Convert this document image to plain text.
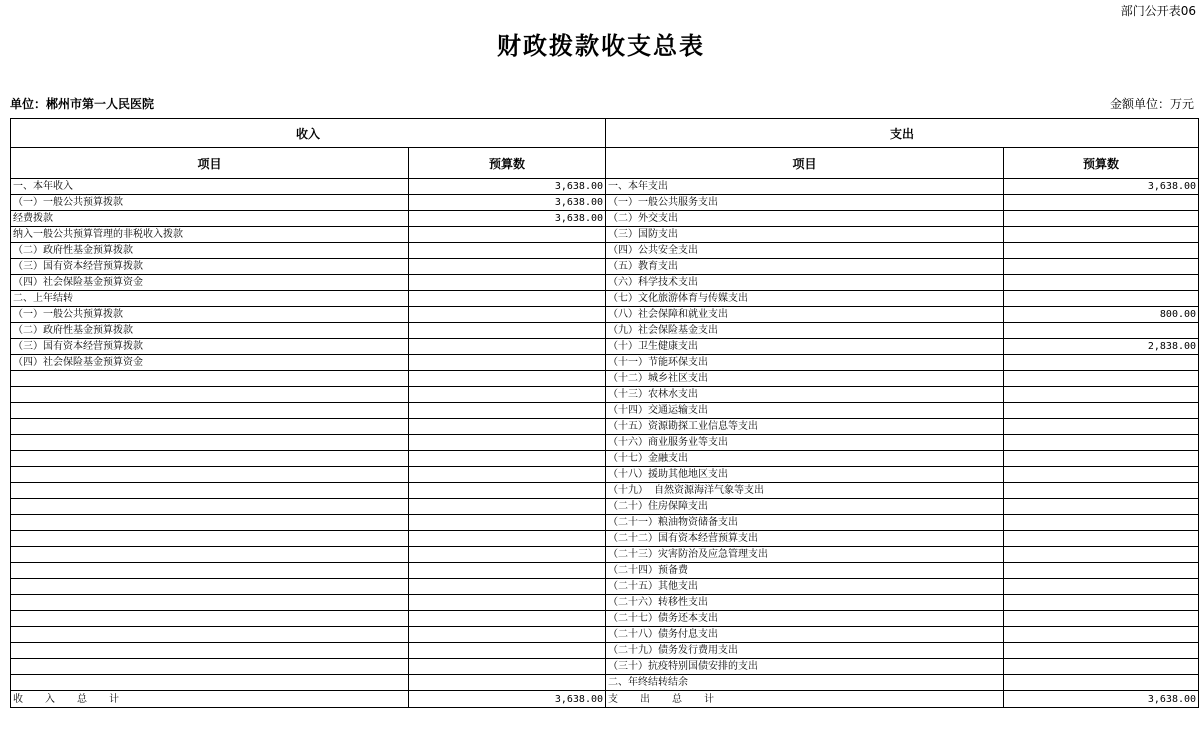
部门公开表06
财政拨款收支总表
单位：郴州市第一人民医院	金额单位：万元
收入		支出	
项目	预算数	项目	预算数
一、本年收入	3,638.00	一、本年支出	3,638.00
（一）一般公共预算拨款	3,638.00	（一）一般公共服务支出	
经费拨款	3,638.00	（二）外交支出	
纳入一般公共预算管理的非税收入拨款		（三）国防支出	
（二）政府性基金预算拨款		（四）公共安全支出	
（三）国有资本经营预算拨款		（五）教育支出	
（四）社会保险基金预算资金		（六）科学技术支出	
二、上年结转		（七）文化旅游体育与传媒支出	
（一）一般公共预算拨款		（八）社会保障和就业支出	800.00
（二）政府性基金预算拨款		（九）社会保险基金支出	
（三）国有资本经营预算拨款		（十）卫生健康支出	2,838.00
（四）社会保险基金预算资金		（十一）节能环保支出	
		（十二）城乡社区支出	
		（十三）农林水支出	
		（十四）交通运输支出	
		（十五）资源勘探工业信息等支出	
		（十六）商业服务业等支出	
		（十七）金融支出	
		（十八）援助其他地区支出	
		（十九） 自然资源海洋气象等支出	
		（二十）住房保障支出	
		（二十一）粮油物资储备支出	
		（二十二）国有资本经营预算支出	
		（二十三）灾害防治及应急管理支出	
		（二十四）预备费	
		（二十五）其他支出	
		（二十六）转移性支出	
		（二十七）债务还本支出	
		（二十八）债务付息支出	
		（二十九）债务发行费用支出	
		（三十）抗疫特别国债安排的支出	
		二、年终结转结余	
收入总计	3,638.00	支出总计	3,638.00
